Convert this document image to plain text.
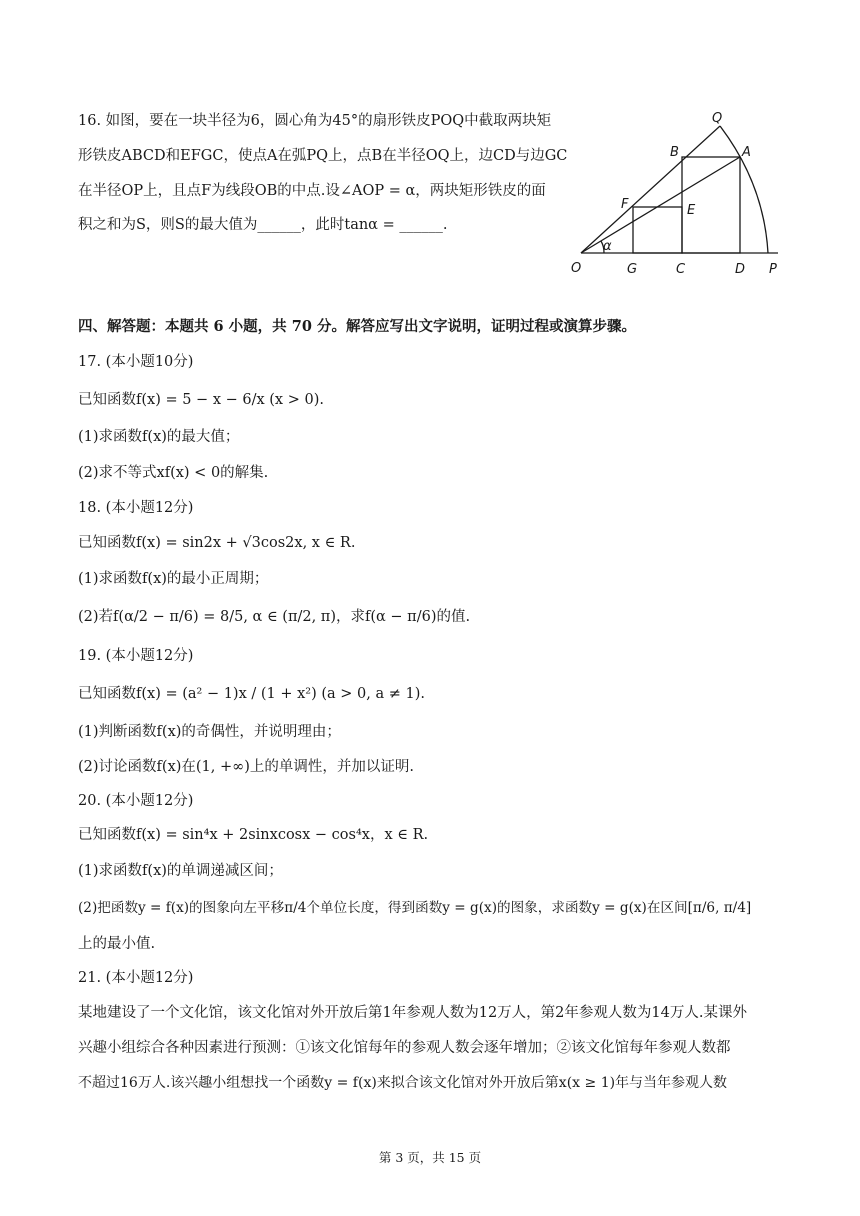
16. 如图，要在一块半径为6，圆心角为45°的扇形铁皮POQ中截取两块矩
形铁皮ABCD和EFGC，使点A在弧PQ上，点B在半径OQ上，边CD与边GC
在半径OP上，且点F为线段OB的中点.设∠AOP = α，两块矩形铁皮的面
积之和为S，则S的最大值为______，此时tanα = ______.
Q
B	A
F	E
α
O	G	C	D P
四、解答题：本题共 6 小题，共 70 分。解答应写出文字说明，证明过程或演算步骤。
17. (本小题10分)
已知函数f(x) = 5 − x − 6/x (x > 0).
(1)求函数f(x)的最大值；
(2)求不等式xf(x) < 0的解集.
18. (本小题12分)
已知函数f(x) = sin2x + √3cos2x, x ∈ R.
(1)求函数f(x)的最小正周期；
(2)若f(α/2 − π/6) = 8/5, α ∈ (π/2, π)，求f(α − π/6)的值.
19. (本小题12分)
已知函数f(x) = (a² − 1)x / (1 + x²) (a > 0, a ≠ 1).
(1)判断函数f(x)的奇偶性，并说明理由；
(2)讨论函数f(x)在(1, +∞)上的单调性，并加以证明.
20. (本小题12分)
已知函数f(x) = sin⁴x + 2sinxcosx − cos⁴x，x ∈ R.
(1)求函数f(x)的单调递减区间；
(2)把函数y = f(x)的图象向左平移π/4个单位长度，得到函数y = g(x)的图象，求函数y = g(x)在区间[π/6, π/4]
上的最小值.
21. (本小题12分)
某地建设了一个文化馆，该文化馆对外开放后第1年参观人数为12万人，第2年参观人数为14万人.某课外
兴趣小组综合各种因素进行预测：①该文化馆每年的参观人数会逐年增加；②该文化馆每年参观人数都
不超过16万人.该兴趣小组想找一个函数y = f(x)来拟合该文化馆对外开放后第x(x ≥ 1)年与当年参观人数
第 3 页，共 15 页
